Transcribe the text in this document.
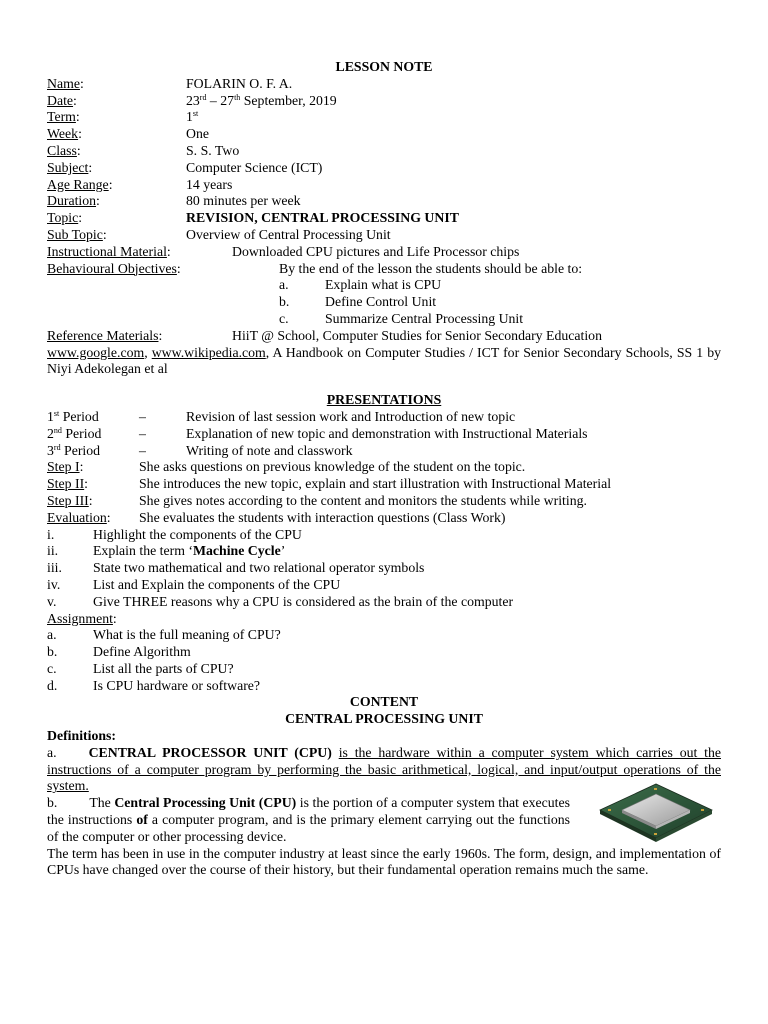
LESSON NOTE
Name:	FOLARIN O. F. A.
Date:	23rd – 27th September, 2019
Term:	1st
Week:	One
Class:	S. S. Two
Subject:	Computer Science (ICT)
Age Range:	14 years
Duration:	80 minutes per week
Topic:	REVISION, CENTRAL PROCESSING UNIT
Sub Topic:	Overview of Central Processing Unit
Instructional Material:	Downloaded CPU pictures and Life Processor chips
Behavioural Objectives:	By the end of the lesson the students should be able to:
a.	Explain what is CPU
b.	Define Control Unit
c.	Summarize Central Processing Unit
Reference Materials:	HiiT @ School, Computer Studies for Senior Secondary Education
www.google.com, www.wikipedia.com, A Handbook on Computer Studies / ICT for Senior Secondary Schools, SS 1 by Niyi Adekolegan et al
PRESENTATIONS
1st Period	–	Revision of last session work and Introduction of new topic
2nd Period	–	Explanation of new topic and demonstration with Instructional Materials
3rd Period	–	Writing of note and classwork
Step I:	She asks questions on previous knowledge of the student on the topic.
Step II:	She introduces the new topic, explain and start illustration with Instructional Material
Step III:	She gives notes according to the content and monitors the students while writing.
Evaluation: She evaluates the students with interaction questions (Class Work)
i.	Highlight the components of the CPU
ii.	Explain the term ‘Machine Cycle’
iii. State two mathematical and two relational operator symbols
iv. List and Explain the components of the CPU
v.	Give THREE reasons why a CPU is considered as the brain of the computer
Assignment:
a.	What is the full meaning of CPU?
b.	Define Algorithm
c.	List all the parts of CPU?
d.	Is CPU hardware or software?
CONTENT
CENTRAL PROCESSING UNIT
Definitions:
a. CENTRAL PROCESSOR UNIT (CPU) is the hardware within a computer system which carries out the instructions of a computer program by performing the basic arithmetical, logical, and input/output operations of the system.
b. The Central Processing Unit (CPU) is the portion of a computer system that executes the instructions of a computer program, and is the primary element carrying out the functions of the computer or other processing device.
The term has been in use in the computer industry at least since the early 1960s. The form, design, and implementation of CPUs have changed over the course of their history, but their fundamental operation remains much the same.
